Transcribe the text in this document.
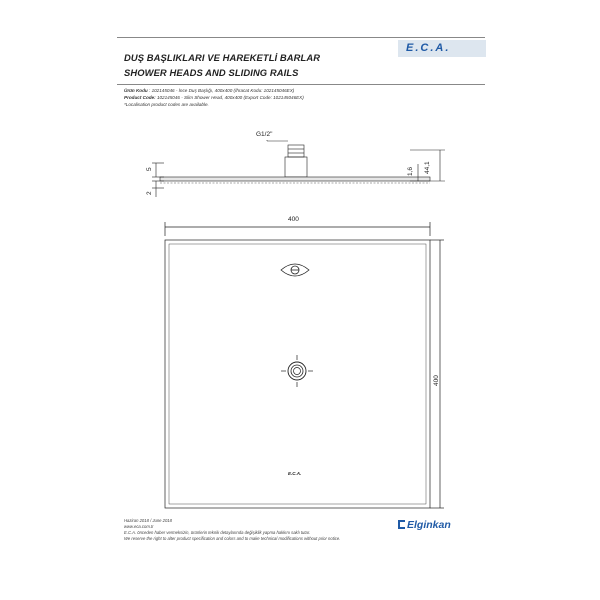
DUŞ BAŞLIKLARI VE HAREKETLİ BARLAR
SHOWER HEADS AND SLIDING RAILS
E.C.A.
Ürün Kodu : 102145046 - İnce Duş Başlığı, 400x400 (İhracat Kodu: 102145046EX)
Product Code: 102145046 - Slim Shower Head, 400x400 (Export Code: 102145046EX)
*Localisation product codes are available.
G1/2"
5
2
1,6 44,1
400
400
E.C.A.
Haziran 2018 / June 2018
www.eca.com.tr
E.C.A. önceden haber vermeksizin, ürünlerin teknik detaylarında değişiklik yapma hakkını saklı tutar.
We reserve the right to alter product specification and colors and to make technical modifications without prior notice.
Elginkan
